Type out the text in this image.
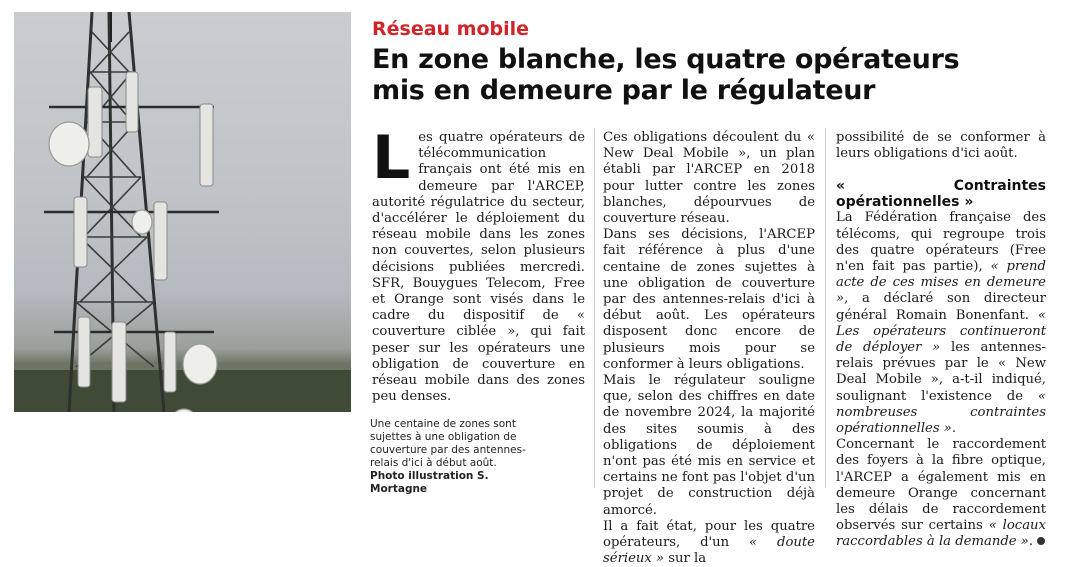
Une centaine de zones sont sujettes à une obligation de couverture par des antennes-relais d'ici à début août.
Photo illustration S. Mortagne
Réseau mobile
En zone blanche, les quatre opérateurs
mis en demeure par le régulateur

Les quatre opérateurs de télécommunication français ont été mis en demeure par l'ARCEP, autorité régulatrice du secteur, d'accélérer le déploiement du réseau mobile dans les zones non couvertes, selon plusieurs décisions publiées mercredi. SFR, Bouygues Telecom, Free et Orange sont visés dans le cadre du dispositif de « couverture ciblée », qui fait peser sur les opérateurs une obligation de couverture en réseau mobile dans des zones peu denses.

Ces obligations découlent du « New Deal Mobile », un plan établi par l'ARCEP en 2018 pour lutter contre les zones blanches, dépourvues de couverture réseau.

Dans ses décisions, l'ARCEP fait référence à plus d'une centaine de zones sujettes à une obligation de couverture par des antennes-relais d'ici à début août. Les opérateurs disposent donc encore de plusieurs mois pour se conformer à leurs obligations.

Mais le régulateur souligne que, selon des chiffres en date de novembre 2024, la majorité des sites soumis à des obligations de déploiement n'ont pas été mis en service et certains ne font pas l'objet d'un projet de construction déjà amorcé.

Il a fait état, pour les quatre opérateurs, d'un « doute sérieux » sur la

possibilité de se conformer à leurs obligations d'ici août.

« Contraintes opérationnelles »

La Fédération française des télécoms, qui regroupe trois des quatre opérateurs (Free n'en fait pas partie), « prend acte de ces mises en demeure », a déclaré son directeur général Romain Bonenfant. « Les opérateurs continueront de déployer » les antennes-relais prévues par le « New Deal Mobile », a-t-il indiqué, soulignant l'existence de « nombreuses contraintes opérationnelles ».

Concernant le raccordement des foyers à la fibre optique, l'ARCEP a également mis en demeure Orange concernant les délais de raccordement observés sur certains « locaux raccordables à la demande ».
